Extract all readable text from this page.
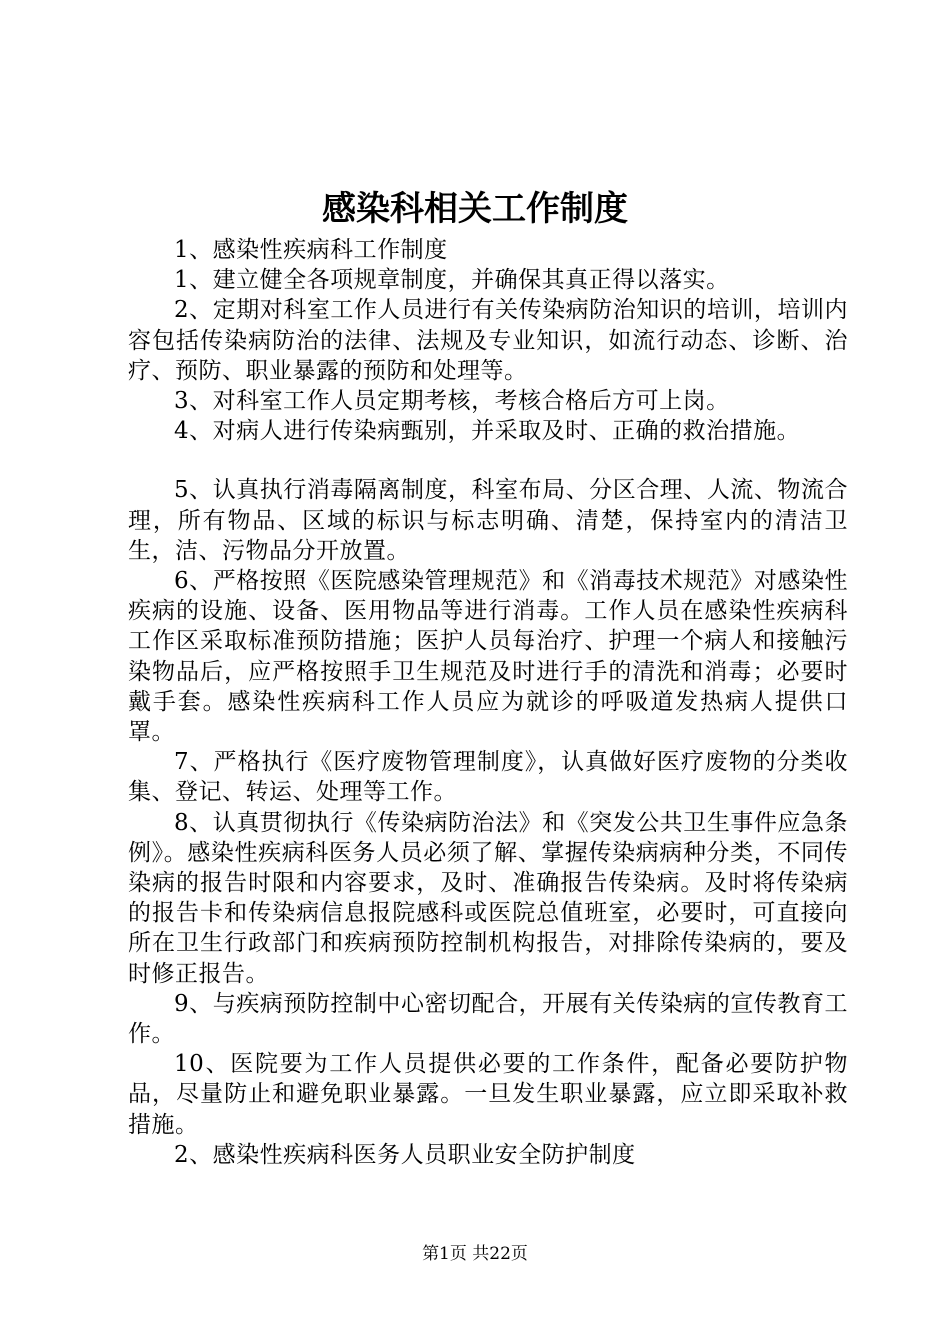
感染科相关工作制度

1、感染性疾病科工作制度

1、建立健全各项规章制度，并确保其真正得以落实。

2、定期对科室工作人员进行有关传染病防治知识的培训，培训内容包括传染病防治的法律、法规及专业知识，如流行动态、诊断、治疗、预防、职业暴露的预防和处理等。

3、对科室工作人员定期考核，考核合格后方可上岗。

4、对病人进行传染病甄别，并采取及时、正确的救治措施。

5、认真执行消毒隔离制度，科室布局、分区合理、人流、物流合理，所有物品、区域的标识与标志明确、清楚，保持室内的清洁卫生，洁、污物品分开放置。

6、严格按照《医院感染管理规范》和《消毒技术规范》对感染性疾病的设施、设备、医用物品等进行消毒。工作人员在感染性疾病科工作区采取标准预防措施；医护人员每治疗、护理一个病人和接触污染物品后，应严格按照手卫生规范及时进行手的清洗和消毒；必要时戴手套。感染性疾病科工作人员应为就诊的呼吸道发热病人提供口罩。

7、严格执行《医疗废物管理制度》，认真做好医疗废物的分类收集、登记、转运、处理等工作。

8、认真贯彻执行《传染病防治法》和《突发公共卫生事件应急条例》。感染性疾病科医务人员必须了解、掌握传染病病种分类，不同传染病的报告时限和内容要求，及时、准确报告传染病。及时将传染病的报告卡和传染病信息报院感科或医院总值班室，必要时，可直接向所在卫生行政部门和疾病预防控制机构报告，对排除传染病的，要及时修正报告。

9、与疾病预防控制中心密切配合，开展有关传染病的宣传教育工作。

10、医院要为工作人员提供必要的工作条件，配备必要防护物品，尽量防止和避免职业暴露。一旦发生职业暴露，应立即采取补救措施。

2、感染性疾病科医务人员职业安全防护制度

第1页 共22页
